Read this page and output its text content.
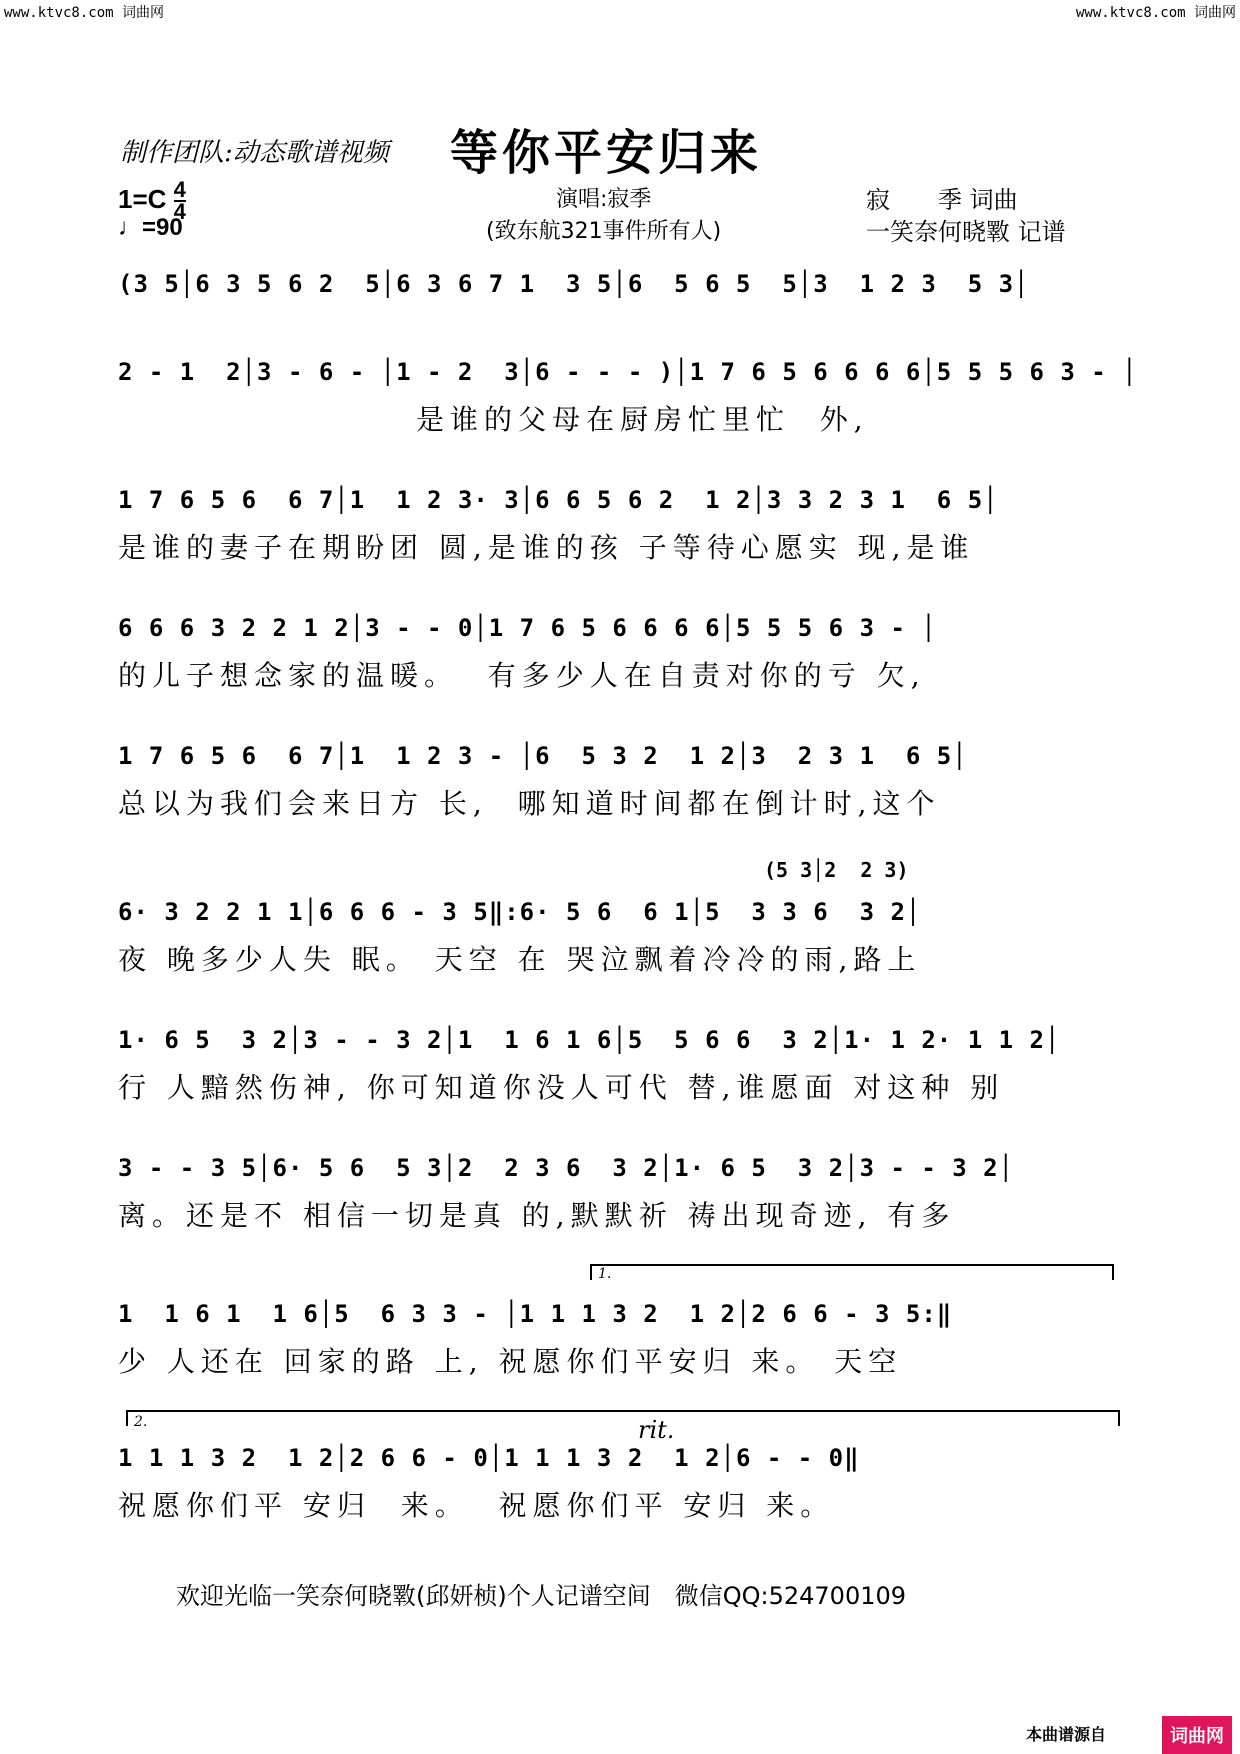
www.ktvc8.com 词曲网	www.ktvc8.com 词曲网
制作团队:动态歌谱视频 等你平安归来
$1=C \frac{4}{4}$
♩=90
演唱:寂季
(致东航321事件所有人)
寂　　季 词曲
一笑奈何晓斁 记谱
(3 5│6 3 5 6 2  5│6 3 6 7 1  3 5│6  5 6 5  5│3  1 2 3  5 3│
2 - 1  2│3 - 6 - │1 - 2  3│6 - - - )│1 7 6 5 6 6 6 6│5 5 5 6 3 - │
是谁的父母在厨房忙里忙  外,
1 7 6 5 6  6 7│1  1 2 3· 3│6 6 5 6 2  1 2│3 3 2 3 1  6 5│
是谁的妻子在期盼团 圆,是谁的孩 子等待心愿实 现,是谁
6 6 6 3 2 2 1 2│3 - - 0│1 7 6 5 6 6 6 6│5 5 5 6 3 - │
的儿子想念家的温暖。  有多少人在自责对你的亏 欠,
1 7 6 5 6  6 7│1  1 2 3 - │6  5 3 2  1 2│3  2 3 1  6 5│
总以为我们会来日方 长,  哪知道时间都在倒计时,这个
(5 3│2  2 3)
6· 3 2 2 1 1│6 6 6 - 3 5‖:6· 5 6  6 1│5  3 3 6  3 2│
夜 晚多少人失 眠。 天空 在 哭泣飘着冷冷的雨,路上
1· 6 5  3 2│3 - - 3 2│1  1 6 1 6│5  5 6 6  3 2│1· 1 2· 1 1 2│
行 人黯然伤神, 你可知道你没人可代 替,谁愿面 对这种 别
3 - - 3 5│6· 5 6  5 3│2  2 3 6  3 2│1· 6 5  3 2│3 - - 3 2│
离。还是不 相信一切是真 的,默默祈 祷出现奇迹, 有多
1.
1  1 6 1  1 6│5  6 3 3 - │1 1 1 3 2  1 2│2 6 6 - 3 5:‖
少 人还在 回家的路 上, 祝愿你们平安归 来。 天空
2.	rit.
1 1 1 3 2  1 2│2 6 6 - 0│1 1 1 3 2  1 2│6 - - 0‖
祝愿你们平 安归  来。  祝愿你们平 安归 来。
欢迎光临一笑奈何晓斁(邱妍桢)个人记谱空间　微信QQ:524700109
本曲谱源自	词曲网
